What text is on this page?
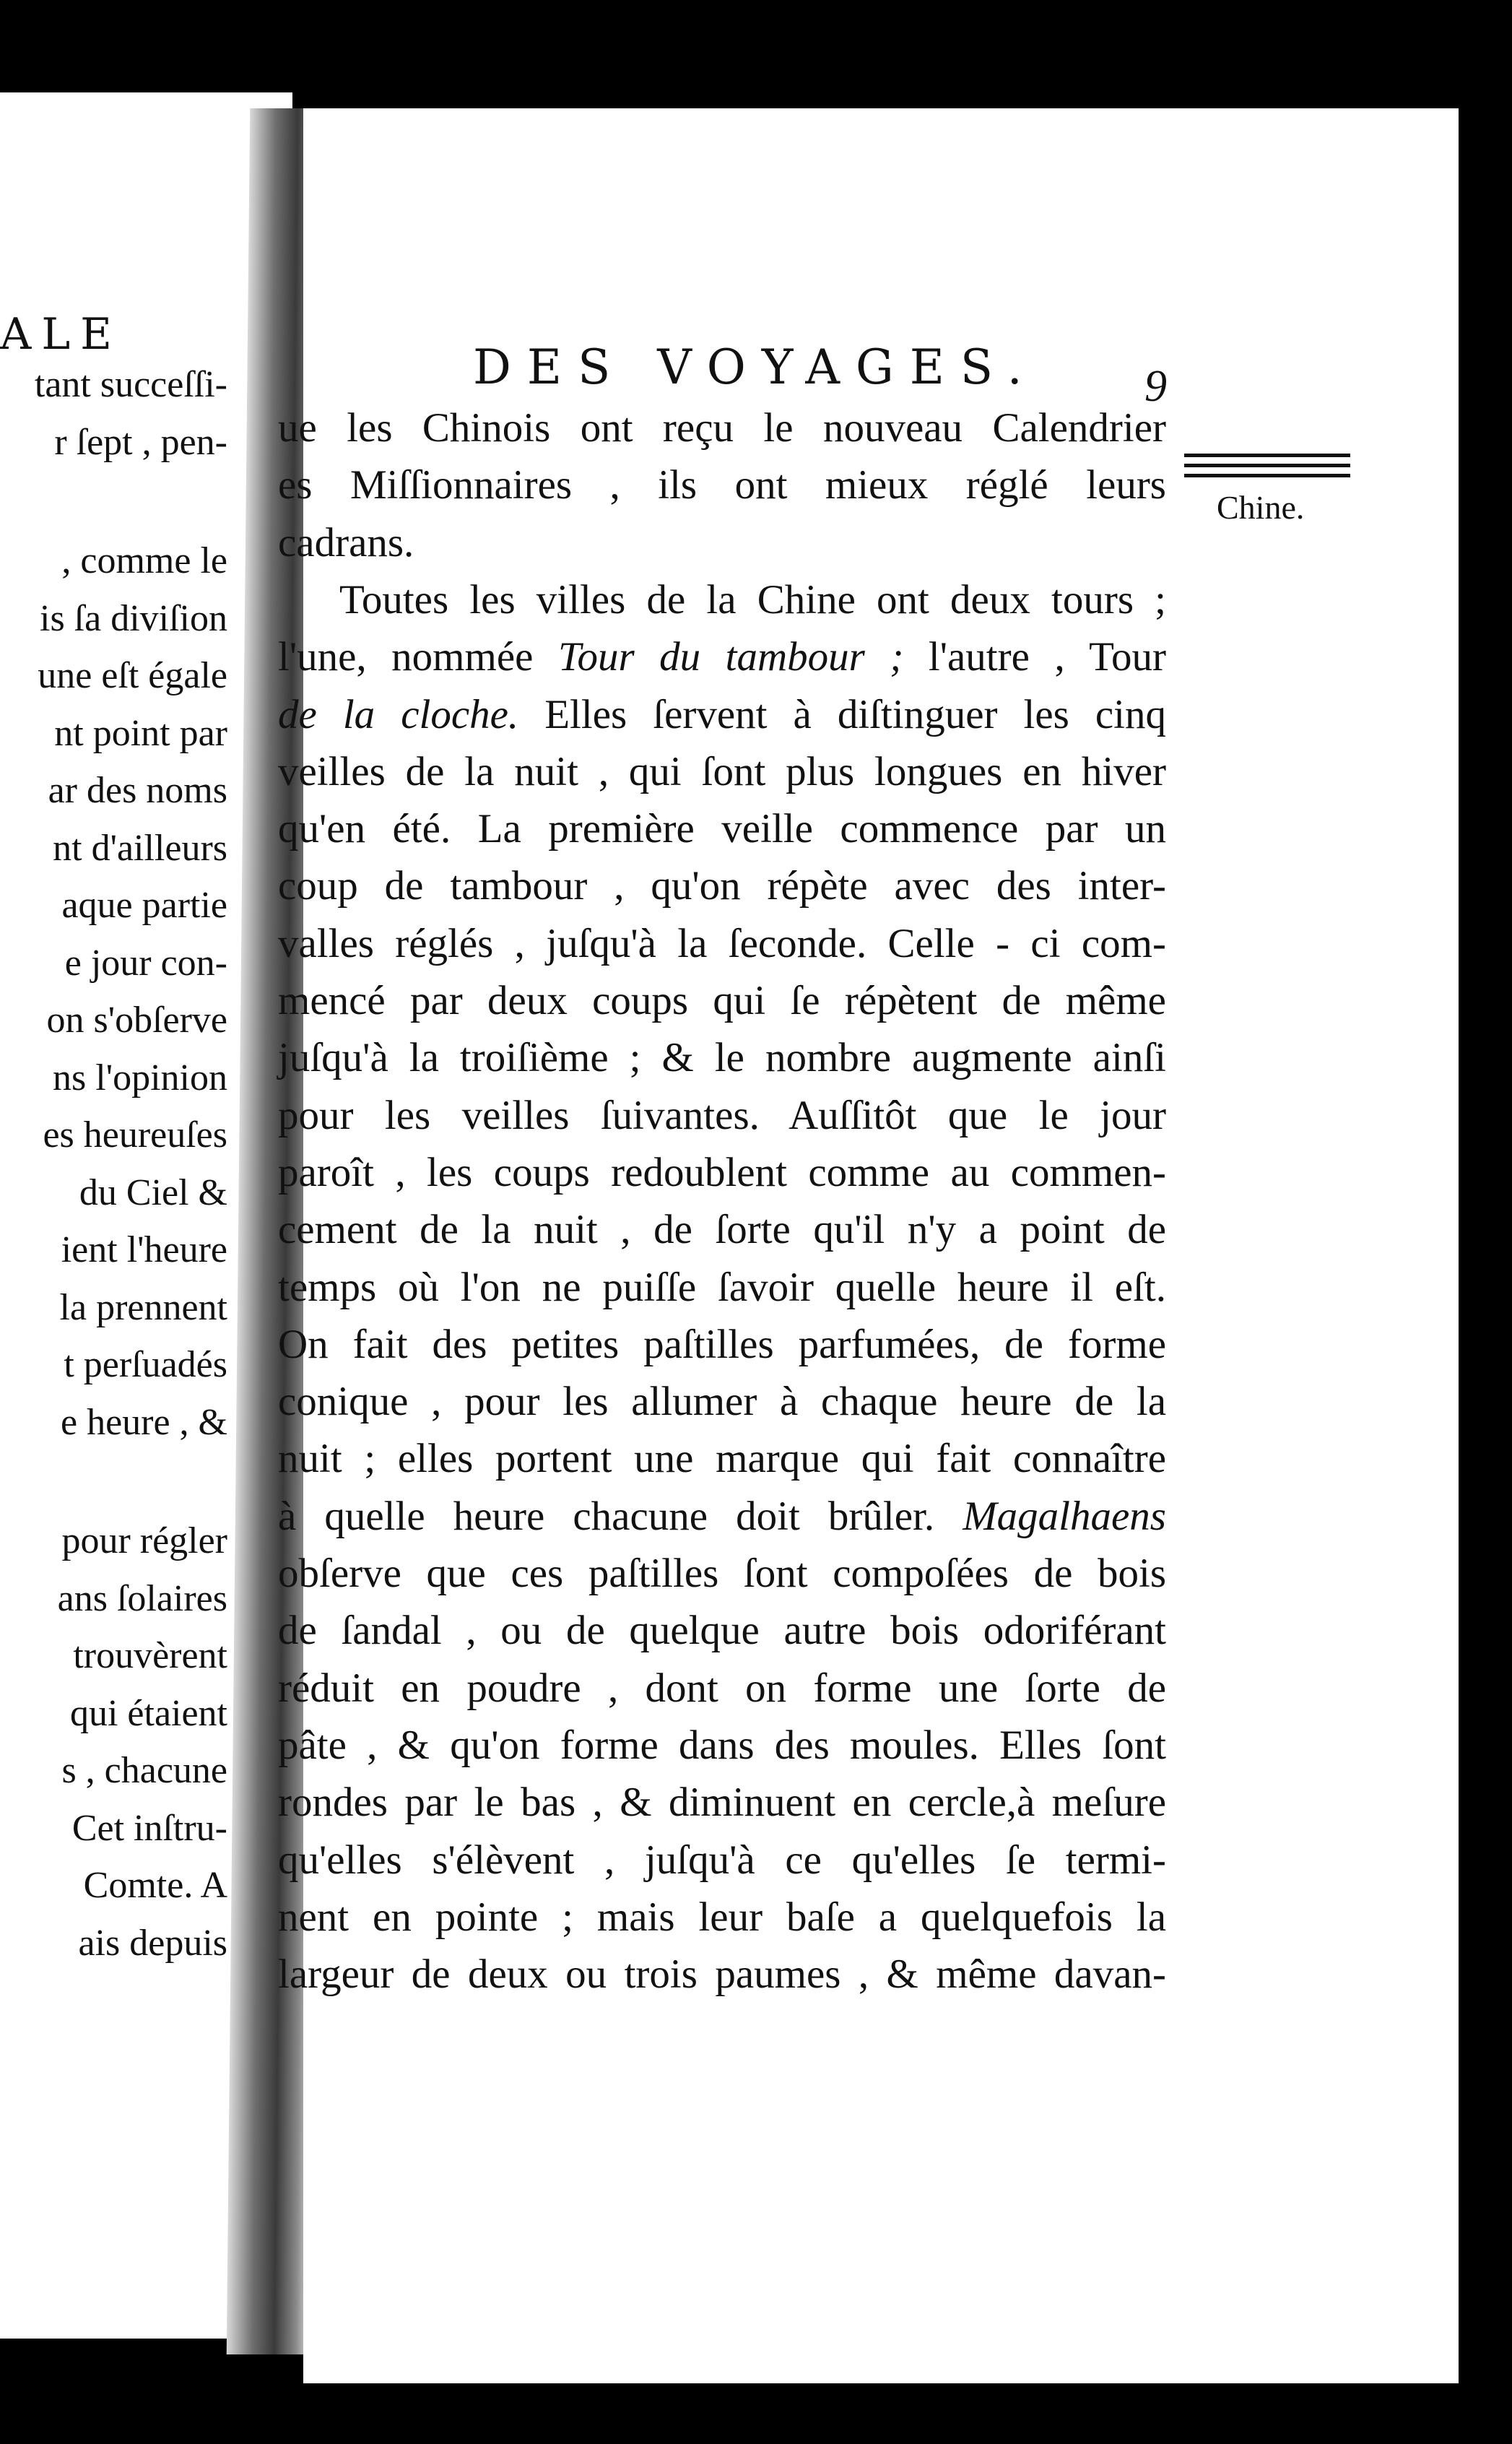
ALE
tant succeſſi-
r ſept , pen-
, comme le
is ſa diviſion
une eſt égale
nt point par
ar des noms
nt d'ailleurs
aque partie
e jour con-
on s'obſerve
ns l'opinion
es heureuſes
du Ciel &
ient l'heure
la prennent
t perſuadés
e heure , &
pour régler
ans ſolaires
trouvèrent
qui étaient
s , chacune
Cet inſtru-
Comte. A
ais depuis
DES VOYAGES. 9
Chine.
ue les Chinois ont reçu le nouveau Calendrier
es Miſſionnaires , ils ont mieux réglé leurs
cadrans.
Toutes les villes de la Chine ont deux tours ;
l'une, nommée Tour du tambour ; l'autre , Tour
de la cloche. Elles ſervent à diſtinguer les cinq
veilles de la nuit , qui ſont plus longues en hiver
qu'en été. La première veille commence par un
coup de tambour , qu'on répète avec des inter-
valles réglés , juſqu'à la ſeconde. Celle - ci com-
mencé par deux coups qui ſe répètent de même
juſqu'à la troiſième ; & le nombre augmente ainſi
pour les veilles ſuivantes. Auſſitôt que le jour
paroît , les coups redoublent comme au commen-
cement de la nuit , de ſorte qu'il n'y a point de
temps où l'on ne puiſſe ſavoir quelle heure il eſt.
On fait des petites paſtilles parfumées, de forme
conique , pour les allumer à chaque heure de la
nuit ; elles portent une marque qui fait connaître
à quelle heure chacune doit brûler. Magalhaens
obſerve que ces paſtilles ſont compoſées de bois
de ſandal , ou de quelque autre bois odoriférant
réduit en poudre , dont on forme une ſorte de
pâte , & qu'on forme dans des moules. Elles ſont
rondes par le bas , & diminuent en cercle,à meſure
qu'elles s'élèvent , juſqu'à ce qu'elles ſe termi-
nent en pointe ; mais leur baſe a quelquefois la
largeur de deux ou trois paumes , & même davan-
